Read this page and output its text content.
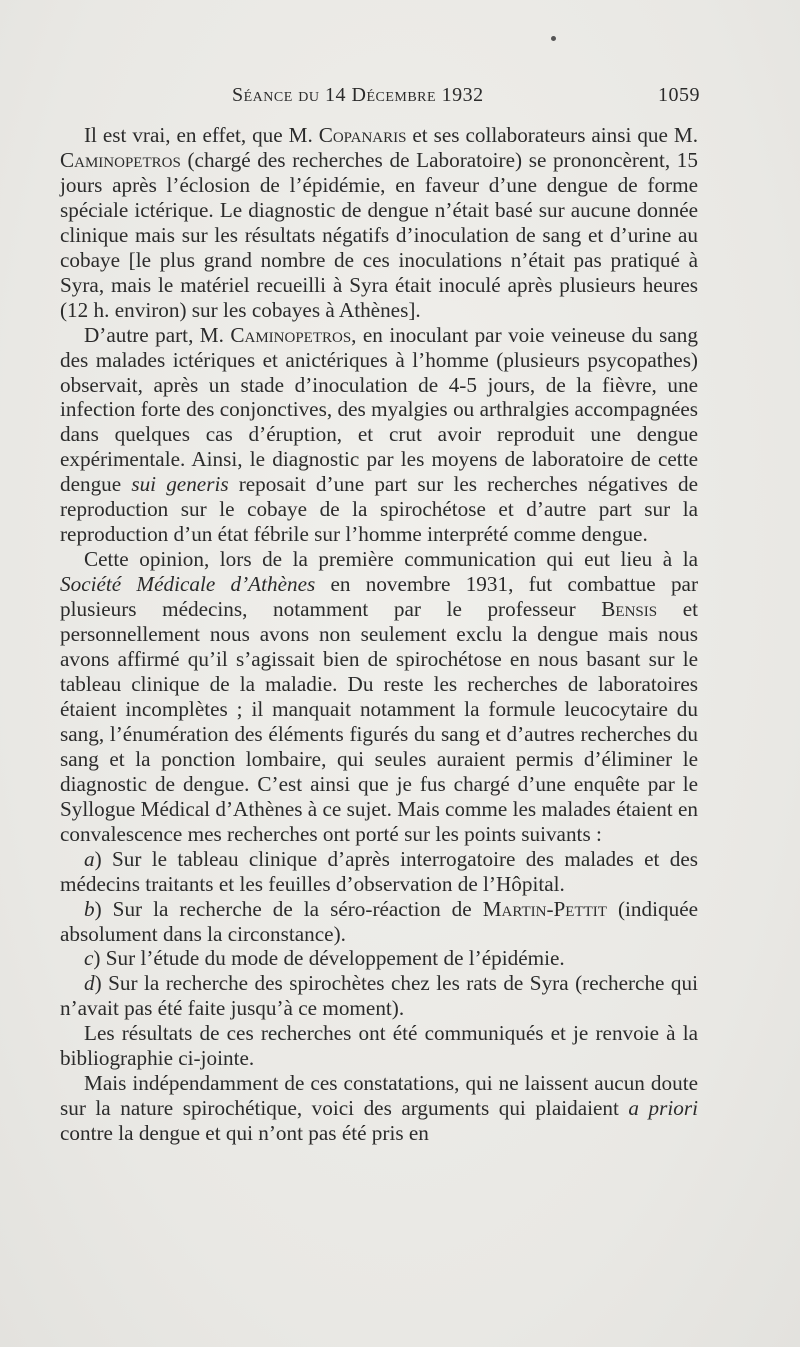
Séance du 14 Décembre 1932	1059

Il est vrai, en effet, que M. Copanaris et ses collaborateurs ainsi que M. Caminopetros (chargé des recherches de Laboratoire) se prononcèrent, 15 jours après l’éclosion de l’épidémie, en faveur d’une dengue de forme spéciale ictérique. Le diagnostic de dengue n’était basé sur aucune donnée clinique mais sur les résultats négatifs d’inoculation de sang et d’urine au cobaye [le plus grand nombre de ces inoculations n’était pas pratiqué à Syra, mais le matériel recueilli à Syra était inoculé après plusieurs heures (12 h. environ) sur les cobayes à Athènes].

D’autre part, M. Caminopetros, en inoculant par voie veineuse du sang des malades ictériques et anictériques à l’homme (plusieurs psycopathes) observait, après un stade d’inoculation de 4-5 jours, de la fièvre, une infection forte des conjonctives, des myalgies ou arthralgies accompagnées dans quelques cas d’éruption, et crut avoir reproduit une dengue expérimentale. Ainsi, le diagnostic par les moyens de laboratoire de cette dengue sui generis reposait d’une part sur les recherches négatives de reproduction sur le cobaye de la spirochétose et d’autre part sur la reproduction d’un état fébrile sur l’homme interprété comme dengue.

Cette opinion, lors de la première communication qui eut lieu à la Société Médicale d’Athènes en novembre 1931, fut combattue par plusieurs médecins, notamment par le professeur Bensis et personnellement nous avons non seulement exclu la dengue mais nous avons affirmé qu’il s’agissait bien de spirochétose en nous basant sur le tableau clinique de la maladie. Du reste les recherches de laboratoires étaient incomplètes ; il manquait notamment la formule leucocytaire du sang, l’énumération des éléments figurés du sang et d’autres recherches du sang et la ponction lombaire, qui seules auraient permis d’éliminer le diagnostic de dengue. C’est ainsi que je fus chargé d’une enquête par le Syllogue Médical d’Athènes à ce sujet. Mais comme les malades étaient en convalescence mes recherches ont porté sur les points suivants :

a) Sur le tableau clinique d’après interrogatoire des malades et des médecins traitants et les feuilles d’observation de l’Hôpital.

b) Sur la recherche de la séro-réaction de Martin-Pettit (indiquée absolument dans la circonstance).

c) Sur l’étude du mode de développement de l’épidémie.

d) Sur la recherche des spirochètes chez les rats de Syra (recherche qui n’avait pas été faite jusqu’à ce moment).

Les résultats de ces recherches ont été communiqués et je renvoie à la bibliographie ci-jointe.

Mais indépendamment de ces constatations, qui ne laissent aucun doute sur la nature spirochétique, voici des arguments qui plaidaient a priori contre la dengue et qui n’ont pas été pris en
